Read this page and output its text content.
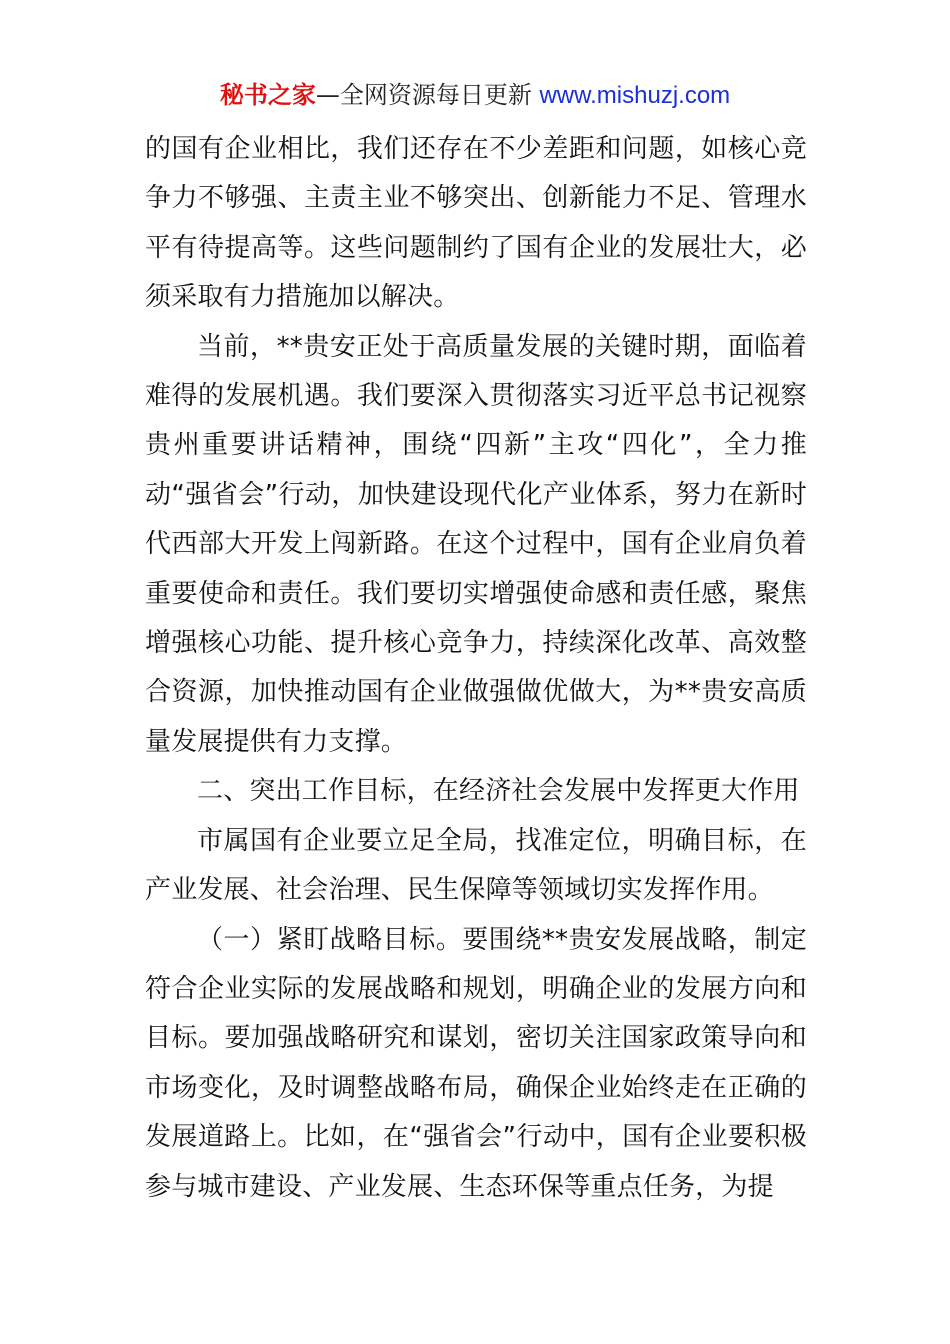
秘书之家—全网资源每日更新 www.mishuzj.com

的国有企业相比，我们还存在不少差距和问题，如核心竞争力不够强、主责主业不够突出、创新能力不足、管理水平有待提高等。这些问题制约了国有企业的发展壮大，必须采取有力措施加以解决。

当前，**贵安正处于高质量发展的关键时期，面临着难得的发展机遇。我们要深入贯彻落实习近平总书记视察贵州重要讲话精神，围绕“四新”主攻“四化”，全力推动“强省会”行动，加快建设现代化产业体系，努力在新时代西部大开发上闯新路。在这个过程中，国有企业肩负着重要使命和责任。我们要切实增强使命感和责任感，聚焦增强核心功能、提升核心竞争力，持续深化改革、高效整合资源，加快推动国有企业做强做优做大，为**贵安高质量发展提供有力支撑。

二、突出工作目标，在经济社会发展中发挥更大作用

市属国有企业要立足全局，找准定位，明确目标，在产业发展、社会治理、民生保障等领域切实发挥作用。

（一）紧盯战略目标。要围绕**贵安发展战略，制定符合企业实际的发展战略和规划，明确企业的发展方向和目标。要加强战略研究和谋划，密切关注国家政策导向和市场变化，及时调整战略布局，确保企业始终走在正确的发展道路上。比如，在“强省会”行动中，国有企业要积极参与城市建设、产业发展、生态环保等重点任务，为提
